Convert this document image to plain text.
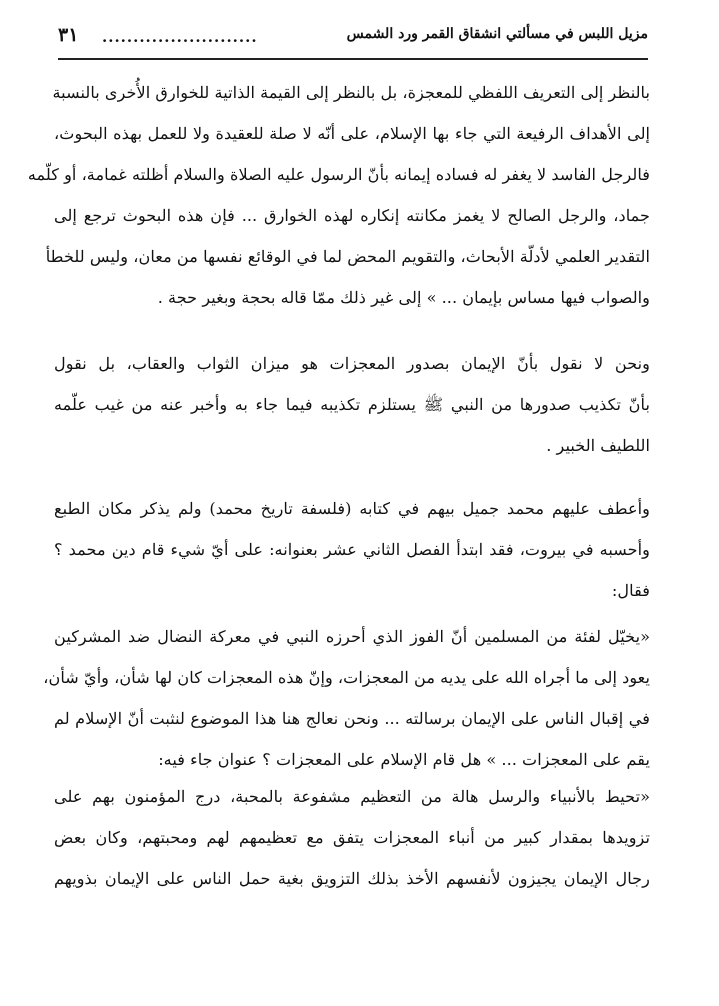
٣١ .........................	مزيل اللبس في مسألتي انشقاق القمر ورد الشمس
بالنظر إلى التعريف اللفظي للمعجزة، بل بالنظر إلى القيمة الذاتية للخوارق الأُخرى بالنسبة
إلى الأهداف الرفيعة التي جاء بها الإسلام، على أنّه لا صلة للعقيدة ولا للعمل بهذه البحوث،
فالرجل الفاسد لا يغفر له فساده إيمانه بأنّ الرسول عليه الصلاة والسلام أظلته غمامة، أو كلّمه
جماد، والرجل الصالح لا يغمز مكانته إنكاره لهذه الخوارق ... فإن هذه البحوث ترجع إلى
التقدير العلمي لأدلّة الأبحاث، والتقويم المحض لما في الوقائع نفسها من معان، وليس للخطأ
والصواب فيها مساس بإيمان ... » إلى غير ذلك ممّا قاله بحجة وبغير حجة .
ونحن لا نقول بأنّ الإيمان بصدور المعجزات هو ميزان الثواب والعقاب، بل نقول
بأنّ تكذيب صدورها من النبي ﷺ يستلزم تكذيبه فيما جاء به وأخبر عنه من غيب علّمه
اللطيف الخبير .
وأعطف عليهم محمد جميل بيهم في كتابه (فلسفة تاريخ محمد) ولم يذكر مكان الطبع
وأحسبه في بيروت، فقد ابتدأ الفصل الثاني عشر بعنوانه: على أيّ شيء قام دين محمد ؟
فقال:
«يخيّل لفئة من المسلمين أنّ الفوز الذي أحرزه النبي في معركة النضال ضد المشركين
يعود إلى ما أجراه الله على يديه من المعجزات، وإنّ هذه المعجزات كان لها شأن، وأيّ شأن،
في إقبال الناس على الإيمان برسالته ... ونحن نعالج هنا هذا الموضوع لنثبت أنّ الإسلام لم
يقم على المعجزات ... » هل قام الإسلام على المعجزات ؟ عنوان جاء فيه:
«تحيط بالأنبياء والرسل هالة من التعظيم مشفوعة بالمحبة، درج المؤمنون بهم على
تزويدها بمقدار كبير من أنباء المعجزات يتفق مع تعظيمهم لهم ومحبتهم، وكان بعض
رجال الإيمان يجيزون لأنفسهم الأخذ بذلك التزويق بغية حمل الناس على الإيمان بذويهم
